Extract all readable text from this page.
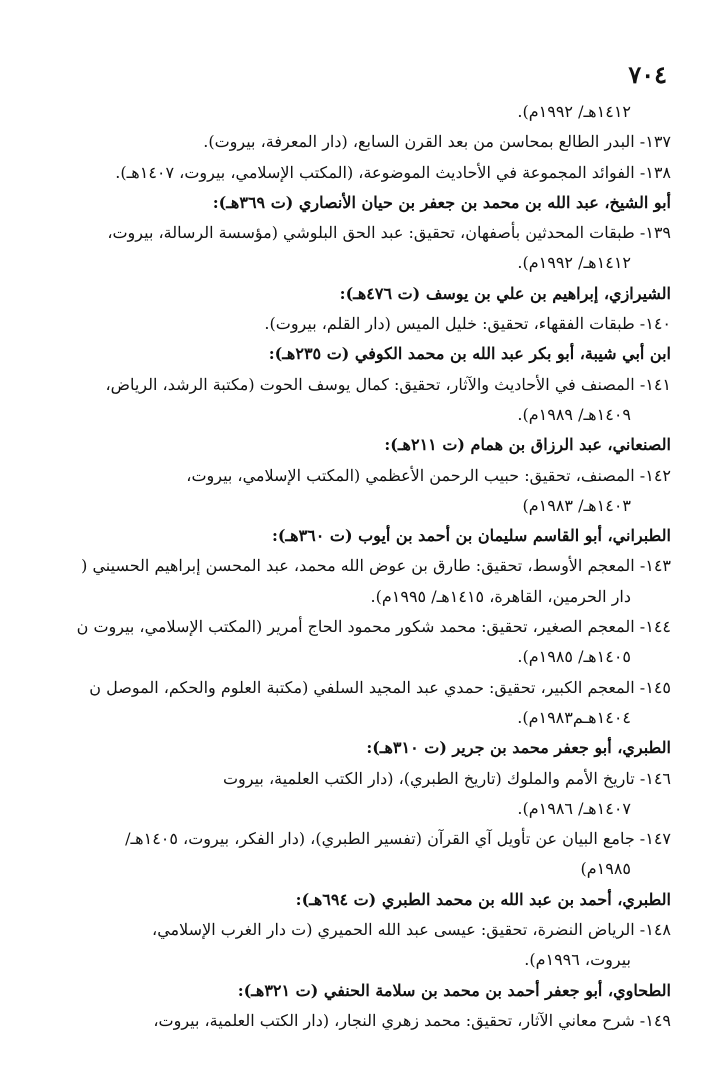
٧٠٤
١٤١٢هـ/ ١٩٩٢م).
١٣٧- البدر الطالع بمحاسن من بعد القرن السابع، (دار المعرفة، بيروت).
١٣٨- الفوائد المجموعة في الأحاديث الموضوعة، (المكتب الإسلامي، بيروت، ١٤٠٧هـ).
أبو الشيخ، عبد الله بن محمد بن جعفر بن حيان الأنصاري (ت ٣٦٩هـ):
١٣٩- طبقات المحدثين بأصفهان، تحقيق: عبد الحق البلوشي (مؤسسة الرسالة، بيروت،
١٤١٢هـ/ ١٩٩٢م).
الشيرازي، إبراهيم بن علي بن يوسف (ت ٤٧٦هـ):
١٤٠- طبقات الفقهاء، تحقيق: خليل الميس (دار القلم، بيروت).
ابن أبي شيبة، أبو بكر عبد الله بن محمد الكوفي (ت ٢٣٥هـ):
١٤١- المصنف في الأحاديث والآثار، تحقيق: كمال يوسف الحوت (مكتبة الرشد، الرياض،
١٤٠٩هـ/ ١٩٨٩م).
الصنعاني، عبد الرزاق بن همام (ت ٢١١هـ):
١٤٢- المصنف، تحقيق: حبيب الرحمن الأعظمي (المكتب الإسلامي، بيروت،
١٤٠٣هـ/ ١٩٨٣م)
الطبراني، أبو القاسم سليمان بن أحمد بن أيوب (ت ٣٦٠هـ):
١٤٣- المعجم الأوسط، تحقيق: طارق بن عوض الله محمد، عبد المحسن إبراهيم الحسيني (
دار الحرمين، القاهرة، ١٤١٥هـ/ ١٩٩٥م).
١٤٤- المعجم الصغير، تحقيق: محمد شكور محمود الحاج أمرير (المكتب الإسلامي، بيروت ن
١٤٠٥هـ/ ١٩٨٥م).
١٤٥- المعجم الكبير، تحقيق: حمدي عبد المجيد السلفي (مكتبة العلوم والحكم، الموصل ن
١٤٠٤هـم١٩٨٣م).
الطبري، أبو جعفر محمد بن جرير (ت ٣١٠هـ):
١٤٦- تاريخ الأمم والملوك (تاريخ الطبري)، (دار الكتب العلمية، بيروت
١٤٠٧هـ/ ١٩٨٦م).
١٤٧- جامع البيان عن تأويل آي القرآن (تفسير الطبري)، (دار الفكر، بيروت، ١٤٠٥هـ/
١٩٨٥م)
الطبري، أحمد بن عبد الله بن محمد الطبري (ت ٦٩٤هـ):
١٤٨- الرياض النضرة، تحقيق: عيسى عبد الله الحميري (ت دار الغرب الإسلامي،
بيروت، ١٩٩٦م).
الطحاوي، أبو جعفر أحمد بن محمد بن سلامة الحنفي (ت ٣٢١هـ):
١٤٩- شرح معاني الآثار، تحقيق: محمد زهري النجار، (دار الكتب العلمية، بيروت،
